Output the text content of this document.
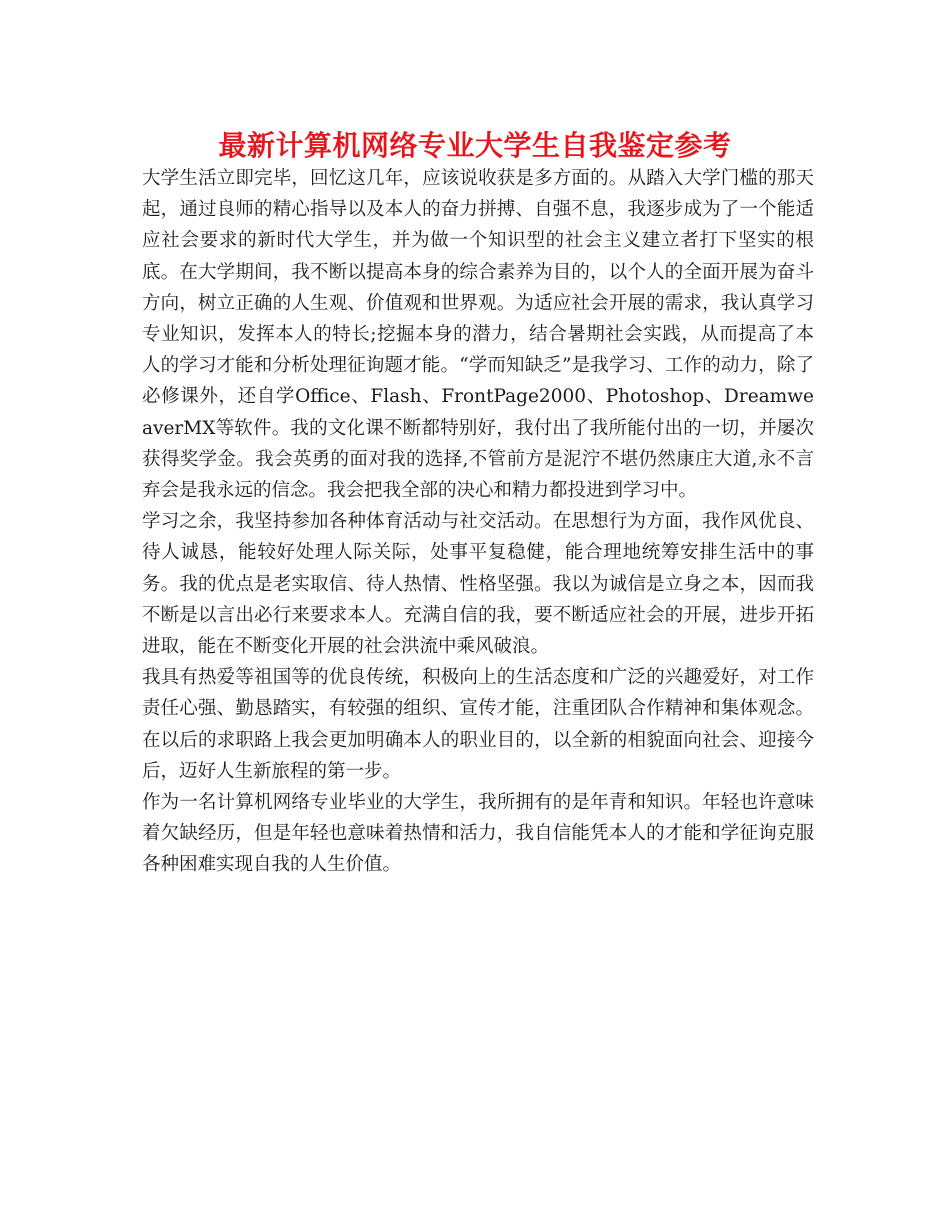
最新计算机网络专业大学生自我鉴定参考

大学生活立即完毕，回忆这几年，应该说收获是多方面的。从踏入大学门槛的那天起，通过良师的精心指导以及本人的奋力拼搏、自强不息，我逐步成为了一个能适应社会要求的新时代大学生，并为做一个知识型的社会主义建立者打下坚实的根底。在大学期间，我不断以提高本身的综合素养为目的，以个人的全面开展为奋斗方向，树立正确的人生观、价值观和世界观。为适应社会开展的需求，我认真学习专业知识，发挥本人的特长;挖掘本身的潜力，结合暑期社会实践，从而提高了本人的学习才能和分析处理征询题才能。“学而知缺乏”是我学习、工作的动力，除了必修课外，还自学Office、Flash、FrontPage2000、Photoshop、DreamweaverMX等软件。我的文化课不断都特别好，我付出了我所能付出的一切，并屡次获得奖学金。我会英勇的面对我的选择,不管前方是泥泞不堪仍然康庄大道,永不言弃会是我永远的信念。我会把我全部的决心和精力都投进到学习中。

学习之余，我坚持参加各种体育活动与社交活动。在思想行为方面，我作风优良、待人诚恳，能较好处理人际关际，处事平复稳健，能合理地统筹安排生活中的事务。我的优点是老实取信、待人热情、性格坚强。我以为诚信是立身之本，因而我不断是以言出必行来要求本人。充满自信的我，要不断适应社会的开展，进步开拓进取，能在不断变化开展的社会洪流中乘风破浪。

我具有热爱等祖国等的优良传统，积极向上的生活态度和广泛的兴趣爱好，对工作责任心强、勤恳踏实，有较强的组织、宣传才能，注重团队合作精神和集体观念。在以后的求职路上我会更加明确本人的职业目的，以全新的相貌面向社会、迎接今后，迈好人生新旅程的第一步。

作为一名计算机网络专业毕业的大学生，我所拥有的是年青和知识。年轻也许意味着欠缺经历，但是年轻也意味着热情和活力，我自信能凭本人的才能和学征询克服各种困难实现自我的人生价值。
